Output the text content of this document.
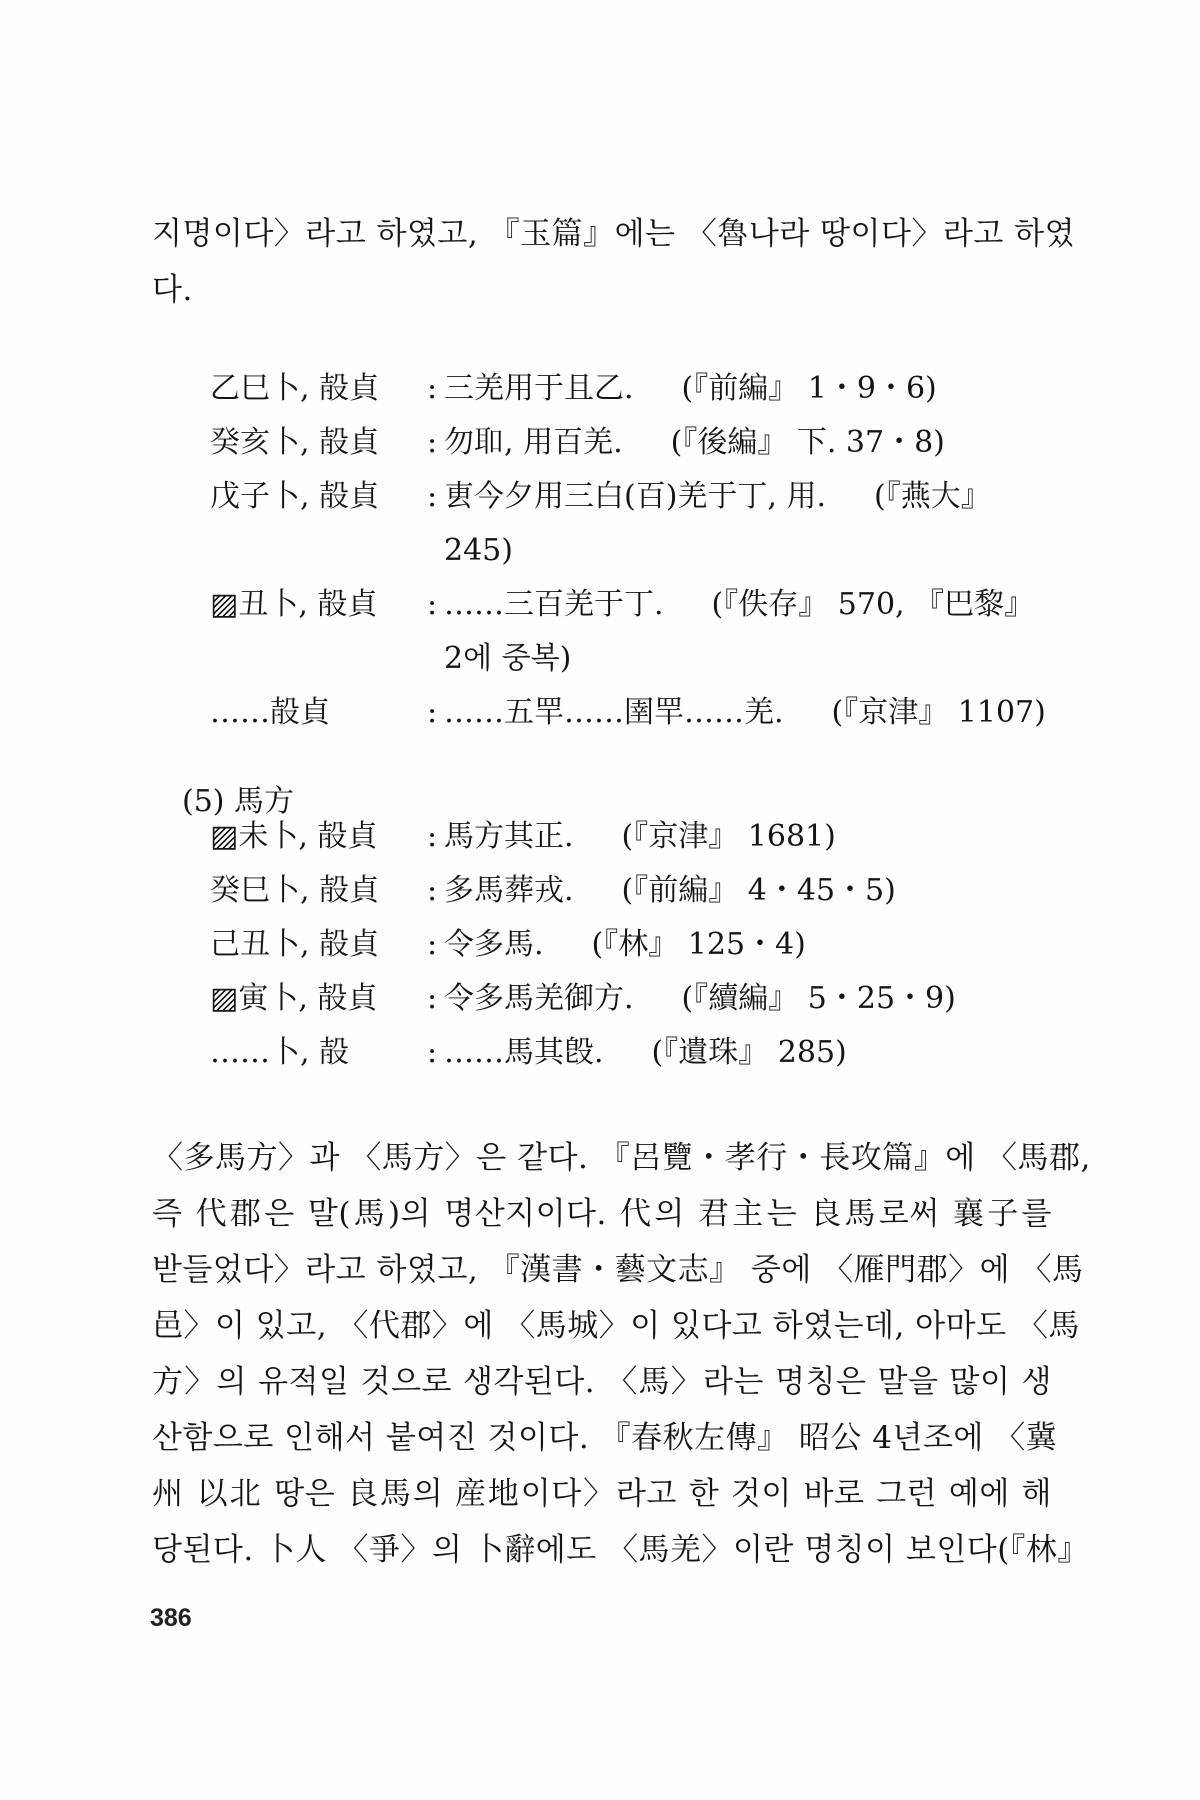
지명이다〉라고 하였고, 『玉篇』에는 〈魯나라 땅이다〉라고 하였
다.
乙巳卜, 㱿貞	: 三羌用于且乙. (『前編』 1・9・6)
癸亥卜, 㱿貞	: 勿𦔻, 用百羌. (『後編』 下. 37・8)
戊子卜, 㱿貞	: 叀今夕用三白(百)羌于丁, 用. (『燕大』 245)
▨丑卜, 㱿貞	: ……三百羌于丁. (『佚存』 570, 『巴黎』 2에 중복)
……㱿貞	: ……五䍐……圉䍐……羌. (『京津』 1107)
(5) 馬方
▨未卜, 㱿貞	: 馬方其正. (『京津』 1681)
癸巳卜, 㱿貞	: 多馬葬戎. (『前編』 4・45・5)
己丑卜, 㱿貞	: 令多馬. (『林』 125・4)
▨寅卜, 㱿貞	: 令多馬羌御方. (『續編』 5・25・9)
……卜, 㱿	: ……馬其𣪘. (『遺珠』 285)
〈多馬方〉과 〈馬方〉은 같다. 『呂覽・孝行・長攻篇』에 〈馬郡,
즉 代郡은 말(馬)의 명산지이다. 代의 君主는 良馬로써 襄子를
받들었다〉라고 하였고, 『漢書・藝文志』 중에 〈雁門郡〉에 〈馬
邑〉이 있고, 〈代郡〉에 〈馬城〉이 있다고 하였는데, 아마도 〈馬
方〉의 유적일 것으로 생각된다. 〈馬〉라는 명칭은 말을 많이 생
산함으로 인해서 붙여진 것이다. 『春秋左傳』 昭公 4년조에 〈冀
州 以北 땅은 良馬의 産地이다〉라고 한 것이 바로 그런 예에 해
당된다. 卜人 〈爭〉의 卜辭에도 〈馬羌〉이란 명칭이 보인다(『林』
386
